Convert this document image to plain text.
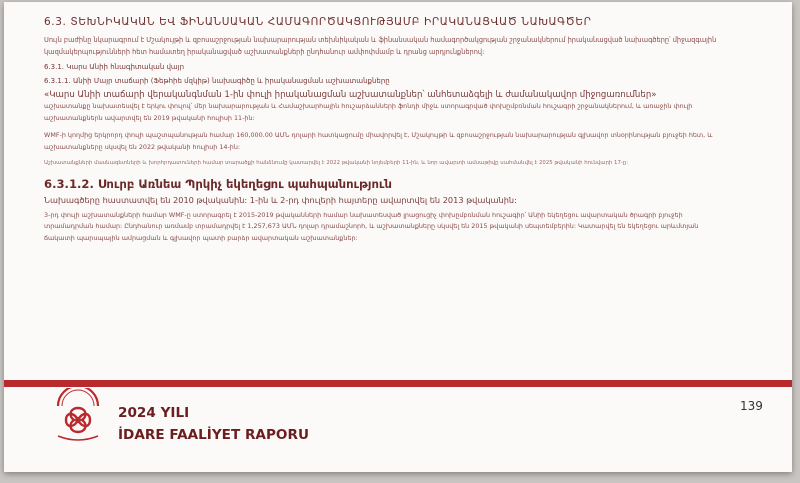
6.3. ՏԵԽՆԻԿԱԿԱՆ ԵՎ ՖԻՆԱՆՍԱԿԱՆ ՀԱՄԱԳՈՐԾԱԿՑՈՒԹՅԱՄԲ ԻՐԱԿԱՆԱՑՎԱԾ ՆԱԽԱԳԾԵՐ

Սույն բաժինը նկարագրում է Մշակույթի և զբոսաշրջության նախարարության տեխնիկական և ֆինանսական համագործակցության շրջանակներում իրականացված նախագծերը՝ միջազգային կազմակերպությունների հետ համատեղ իրականացված աշխատանքների ընդհանուր ամփոփմամբ և դրանց արդյունքներով:

6.3.1. Կարս Անիի հնագիտական վայր
6.3.1.1. Անիի Մայր տաճարի (Ֆեթհիե մզկիթ) նախագիծը և իրականացման աշխատանքները

«Կարս Անիի տաճարի վերականգնման 1-ին փուլի իրականացման աշխատանքներ՝ անհետաձգելի և ժամանակավոր միջոցառումներ»

աշխատանքը նախատեսվել է երկու փուլով՝ մեր նախարարության և Համաշխարհային հուշարձանների ֆոնդի միջև ստորագրված փոխըմբռնման հուշագրի շրջանակներում, և առաջին փուլի աշխատանքներն ավարտվել են 2019 թվականի հուլիսի 11-ին:

WMF-ի կողմից երկրորդ փուլի պաշտպանության համար 160,000.00 ԱՄՆ դոլարի հատկացումը միավորվել է, Մշակույթի և զբոսաշրջության նախարարության գլխավոր տնօրինության բյուջեի հետ, և աշխատանքները սկսվել են 2022 թվականի հուլիսի 14-ին:

Աշխատանքների մասնագետների և խորհրդատուների համար տարածքի հանձնումը կատարվել է 2022 թվականի նոյեմբերի 11-ին, և նոր ավարտի ամսաթիվը սահմանվել է 2025 թվականի հունվարի 17-ը:

6.3.1.2. Սուրբ Առնեա Պրկիչ եկեղեցու պահպանություն

Նախագծերը հաստատվել են 2010 թվականին: 1-ին և 2-րդ փուլերի հայտերը ավարտվել են 2013 թվականին:

3-րդ փուլի աշխատանքների համար WMF-ը ստորագրել է 2015-2019 թվականների համար նախատեսված լրացուցիչ փոխըմբռնման հուշագիր՝ Անիի եկեղեցու ավարտական ծրագրի բյուջեի տրամադրման համար: Ընդհանուր առմամբ տրամադրվել է 1,257,673 ԱՄՆ դոլար դրամաշնորհ, և աշխատանքները սկսվել են 2015 թվականի սեպտեմբերին: Կատարվել են եկեղեցու արևմտյան ճակատի պարսպային ամրացման և գլխավոր պատի բարձր ավարտական աշխատանքներ:

2024 YILI
İDARE FAALİYET RAPORU
139
